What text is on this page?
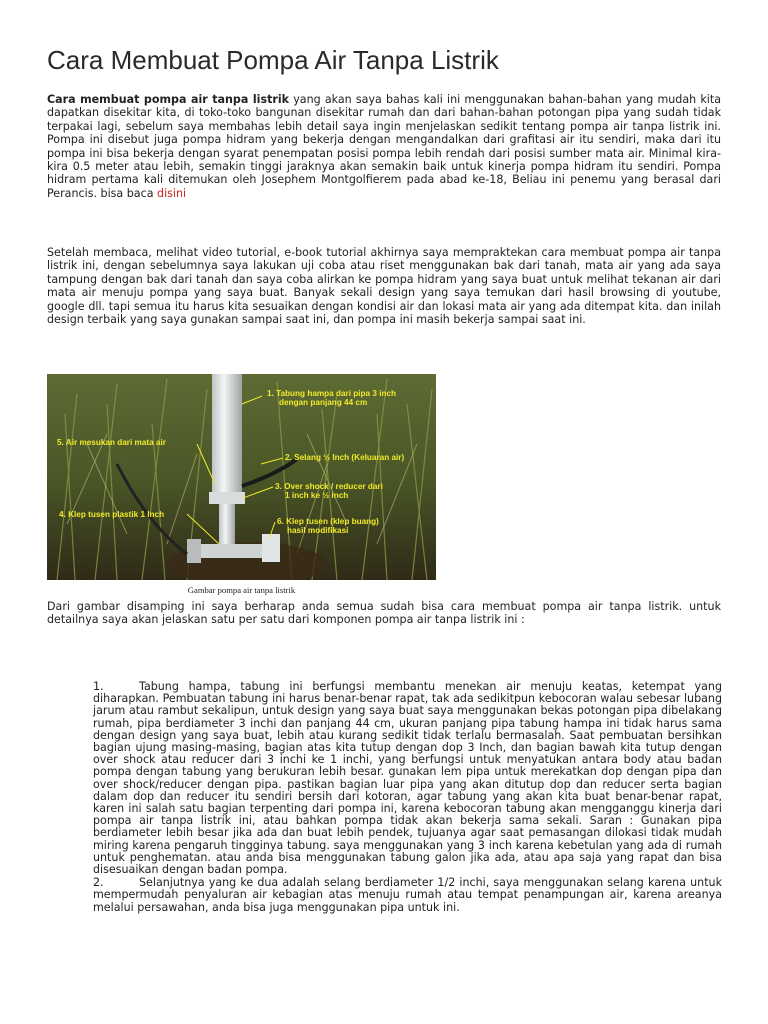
Cara Membuat Pompa Air Tanpa Listrik

Cara membuat pompa air tanpa listrik yang akan saya bahas kali ini menggunakan bahan-bahan yang mudah kita dapatkan disekitar kita, di toko-toko bangunan disekitar rumah dan dari bahan-bahan potongan pipa yang sudah tidak terpakai lagi, sebelum saya membahas lebih detail saya ingin menjelaskan sedikit tentang pompa air tanpa listrik ini. Pompa ini disebut juga pompa hidram yang bekerja dengan mengandalkan dari grafitasi air itu sendiri, maka dari itu pompa ini bisa bekerja dengan syarat penempatan posisi pompa lebih rendah dari posisi sumber mata air. Minimal kira-kira 0.5 meter atau lebih, semakin tinggi jaraknya akan semakin baik untuk kinerja pompa hidram itu sendiri. Pompa hidram pertama kali ditemukan oleh Josephem Montgolfierem pada abad ke-18, Beliau ini penemu yang berasal dari Perancis. bisa baca disini

Setelah membaca, melihat video tutorial, e-book tutorial akhirnya saya mempraktekan cara membuat pompa air tanpa listrik ini, dengan sebelumnya saya lakukan uji coba atau riset menggunakan bak dari tanah, mata air yang ada saya tampung dengan bak dari tanah dan saya coba alirkan ke pompa hidram yang saya buat untuk melihat tekanan air dari mata air menuju pompa yang saya buat. Banyak sekali design yang saya temukan dari hasil browsing di youtube, google dll. tapi semua itu harus kita sesuaikan dengan kondisi air dan lokasi mata air yang ada ditempat kita. dan inilah design terbaik yang saya gunakan sampai saat ini, dan pompa ini masih bekerja sampai saat ini.

1. Tabung hampa dari pipa 3 inch
dengan panjang 44 cm
5. Air mesukan dari mata air
2. Selang ½ Inch (Keluaran air)
3. Over shock / reducer dari
1 inch ke ½ inch
4. Klep tusen plastik 1 Inch
6. Klep tusen (klep buang)
hasil modifikasi
Gambar pompa air tanpa listrik

Dari gambar disamping ini saya berharap anda semua sudah bisa cara membuat pompa air tanpa listrik. untuk detailnya saya akan jelaskan satu per satu dari komponen pompa air tanpa listrik ini :

1.	Tabung hampa, tabung ini berfungsi membantu menekan air menuju keatas, ketempat yang diharapkan. Pembuatan tabung ini harus benar-benar rapat, tak ada sedikitpun kebocoran walau sebesar lubang jarum atau rambut sekalipun, untuk design yang saya buat saya menggunakan bekas potongan pipa dibelakang rumah, pipa berdiameter 3 inchi dan panjang 44 cm, ukuran panjang pipa tabung hampa ini tidak harus sama dengan design yang saya buat, lebih atau kurang sedikit tidak terlalu bermasalah. Saat pembuatan bersihkan bagian ujung masing-masing, bagian atas kita tutup dengan dop 3 Inch, dan bagian bawah kita tutup dengan over shock atau reducer dari 3 inchi ke 1 inchi, yang berfungsi untuk menyatukan antara body atau badan pompa dengan tabung yang berukuran lebih besar. gunakan lem pipa untuk merekatkan dop dengan pipa dan over shock/reducer dengan pipa. pastikan bagian luar pipa yang akan ditutup dop dan reducer serta bagian dalam dop dan reducer itu sendiri bersih dari kotoran, agar tabung yang akan kita buat benar-benar rapat, karen ini salah satu bagian terpenting dari pompa ini, karena kebocoran tabung akan mengganggu kinerja dari pompa air tanpa listrik ini, atau bahkan pompa tidak akan bekerja sama sekali. Saran : Gunakan pipa berdiameter lebih besar jika ada dan buat lebih pendek, tujuanya agar saat pemasangan dilokasi tidak mudah miring karena pengaruh tingginya tabung. saya menggunakan yang 3 inch karena kebetulan yang ada di rumah untuk penghematan. atau anda bisa menggunakan tabung galon jika ada, atau apa saja yang rapat dan bisa disesuaikan dengan badan pompa.
2.	Selanjutnya yang ke dua adalah selang berdiameter 1/2 inchi, saya menggunakan selang karena untuk mempermudah penyaluran air kebagian atas menuju rumah atau tempat penampungan air, karena areanya melalui persawahan, anda bisa juga menggunakan pipa untuk ini.
